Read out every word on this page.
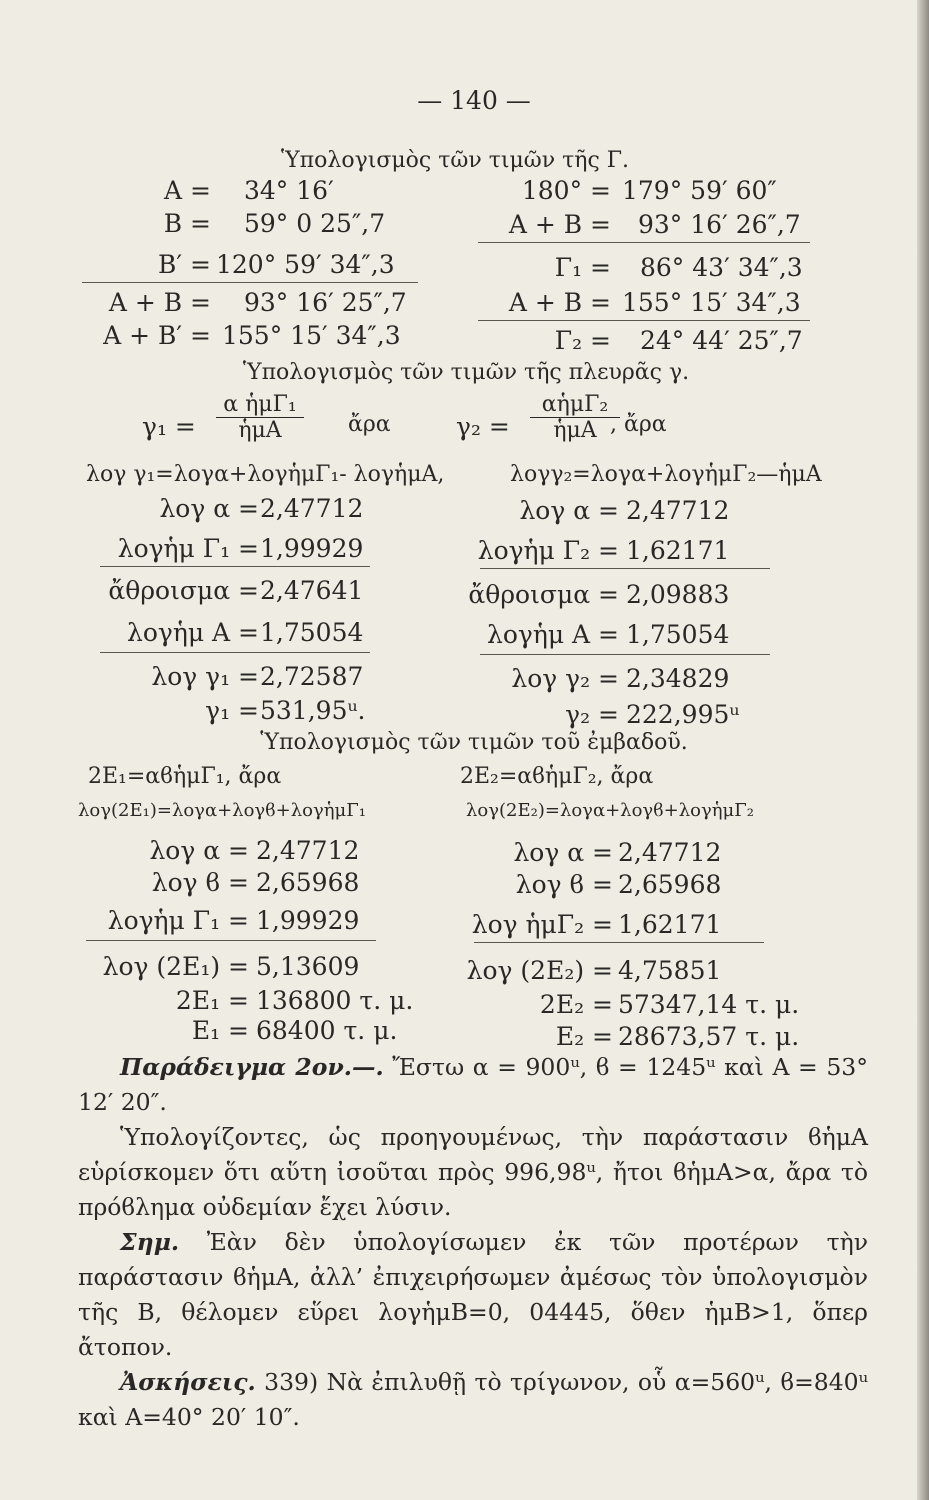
— 140 —
Ὑπολογισμὸς τῶν τιμῶν τῆς Γ.
A = 34° 16′
B = 59° 0 25″,7
B′ = 120° 59′ 34″,3
A + B = 93° 16′ 25″,7
A + B′ = 155° 15′ 34″,3
180° = 179° 59′ 60″
A + B = 93° 16′ 26″,7
Γ₁ = 86° 43′ 34″,3
A + B = 155° 15′ 34″,3
Γ₂ = 24° 44′ 25″,7
Ὑπολογισμὸς τῶν τιμῶν τῆς πλευρᾶς γ.
γ₁ =
α ἡμΓ₁
ἡμA	ἄρα	γ₂ =
αἡμΓ₂
ἡμA , ἄρα
λογ γ₁=λογα+λογἡμΓ₁- λογἡμA,	λογγ₂=λογα+λογἡμΓ₂—ἡμA
λογ α = 2,47712
λογἡμ Γ₁ = 1,99929
ἄθροισμα = 2,47641
λογἡμ A = 1,75054
λογ γ₁ = 2,72587
γ₁ = 531,95ᵘ.
λογ α = 2,47712
λογἡμ Γ₂ = 1,62171
ἄθροισμα = 2,09883
λογἡμ A = 1,75054
λογ γ₂ = 2,34829
γ₂ = 222,995ᵘ
Ὑπολογισμὸς τῶν τιμῶν τοῦ ἐμβαδοῦ.
2E₁=αϐἡμΓ₁, ἄρα	2E₂=αϐἡμΓ₂, ἄρα
λογ(2E₁)=λογα+λογϐ+λογἡμΓ₁	λογ(2E₂)=λογα+λογϐ+λογἡμΓ₂
λογ α = 2,47712
λογ ϐ = 2,65968
λογἡμ Γ₁ = 1,99929
λογ (2E₁) = 5,13609
2E₁ = 136800 τ. μ.
E₁ = 68400 τ. μ.
λογ α = 2,47712
λογ ϐ = 2,65968
λογ ἡμΓ₂ = 1,62171
λογ (2E₂) = 4,75851
2E₂ = 57347,14 τ. μ.
E₂ = 28673,57 τ. μ.

Παράδειγμα 2ον.—. Ἔστω α = 900ᵘ, ϐ = 1245ᵘ καὶ A = 53° 12′ 20″.

Ὑπολογίζοντες, ὡς προηγουμένως, τὴν παράστασιν ϐἡμA εὑρίσκομεν ὅτι αὕτη ἰσοῦται πρὸς 996,98ᵘ, ἤτοι ϐἡμA>α, ἄρα τὸ πρόϐλημα οὐδεμίαν ἔχει λύσιν.

Σημ. Ἐὰν δὲν ὑπολογίσωμεν ἐκ τῶν προτέρων τὴν παράστασιν ϐἡμA, ἀλλ’ ἐπιχειρήσωμεν ἀμέσως τὸν ὑπολογισμὸν τῆς B, θέλομεν εὕρει λογἡμB=0, 04445, ὅθεν ἡμB>1, ὅπερ ἄτοπον.

Ἀσκήσεις. 339) Νὰ ἐπιλυθῇ τὸ τρίγωνον, οὗ α=560ᵘ, ϐ=840ᵘ καὶ A=40° 20′ 10″.
